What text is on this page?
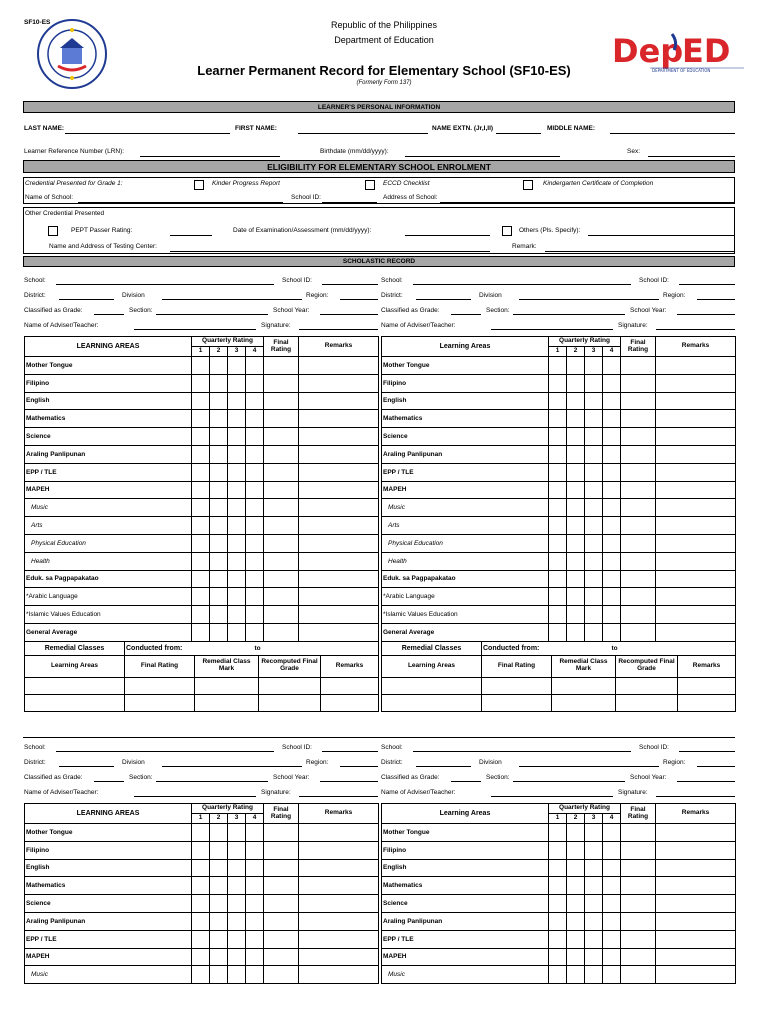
SF10-ES	Republic of the Philippines
Department of Education
Learner Permanent Record for Elementary School (SF10-ES)
(Formerly Form 137)
Dep
ED
DEPARTMENT OF EDUCATION
LEARNER'S PERSONAL INFORMATION
LAST NAME:	FIRST NAME:	NAME EXTN. (Jr,I,II)	MIDDLE NAME:
Learner Reference Number (LRN):	Birthdate (mm/dd/yyyy):	Sex:
ELIGIBILITY FOR ELEMENTARY SCHOOL ENROLMENT
Credential Presented for Grade 1:	Kinder Progress Report	ECCD Checklist	Kindergarten Certificate of Completion
Name of School:	School ID:	Address of School:
Other Credential Presented
PEPT Passer Rating:	Date of Examination/Assessment (mm/dd/yyyy):	Others (Pls. Specify):
Name and Address of Testing Center:	Remark:
SCHOLASTIC RECORD
School:	School ID:
District:	Division	Region:
Classified as Grade:	Section:	School Year:
Name of Adviser/Teacher:	Signature:
LEARNING AREAS	Quarterly Rating				Final Rating	Remarks
	1	2	3	4		
Mother Tongue						
Filipino						
English						
Mathematics						
Science						
Araling Panlipunan						
EPP / TLE						
MAPEH						
Music						
Arts						
Physical Education						
Health						
Eduk. sa Pagpapakatao						
*Arabic Language						
*Islamic Values Education						
General Average						
Remedial Classes	Conducted from:	to		
Learning Areas	Final Rating	Remedial Class Mark	Recomputed Final Grade	Remarks

School:	School ID:
District:	Division	Region:
Classified as Grade:	Section:	School Year:
Name of Adviser/Teacher:	Signature:
Learning Areas	Quarterly Rating				Final Rating	Remarks
	1	2	3	4		
Mother Tongue						
Filipino						
English						
Mathematics						
Science						
Araling Panlipunan						
EPP / TLE						
MAPEH						
Music						
Arts						
Physical Education						
Health						
Eduk. sa Pagpapakatao						
*Arabic Language						
*Islamic Values Education						
General Average						
Remedial Classes	Conducted from:	to		
Learning Areas	Final Rating	Remedial Class Mark	Recomputed Final Grade	Remarks

School:	School ID:
District:	Division	Region:
Classified as Grade:	Section:	School Year:
Name of Adviser/Teacher:	Signature:
LEARNING AREAS	Quarterly Rating				Final Rating	Remarks
	1	2	3	4		
Mother Tongue						
Filipino						
English						
Mathematics						
Science						
Araling Panlipunan						
EPP / TLE						
MAPEH						
Music						
School:	School ID:
District:	Division	Region:
Classified as Grade:	Section:	School Year:
Name of Adviser/Teacher:	Signature:
Learning Areas	Quarterly Rating				Final Rating	Remarks
	1	2	3	4		
Mother Tongue						
Filipino						
English						
Mathematics						
Science						
Araling Panlipunan						
EPP / TLE						
MAPEH						
Music						
